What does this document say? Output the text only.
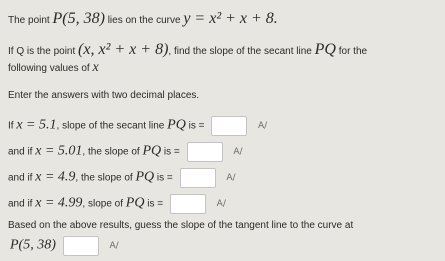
The point P(5, 38) lies on the curve y = x² + x + 8.
If Q is the point (x, x² + x + 8), find the slope of the secant line PQ for the
following values of x
Enter the answers with two decimal places.
If x = 5.1, slope of the secant line PQ is =	A/
and if x = 5.01, the slope of PQ is =	A/
and if x = 4.9, the slope of PQ is =	A/
and if x = 4.99, slope of PQ is =	A/
Based on the above results, guess the slope of the tangent line to the curve at
P(5, 38)	A/
